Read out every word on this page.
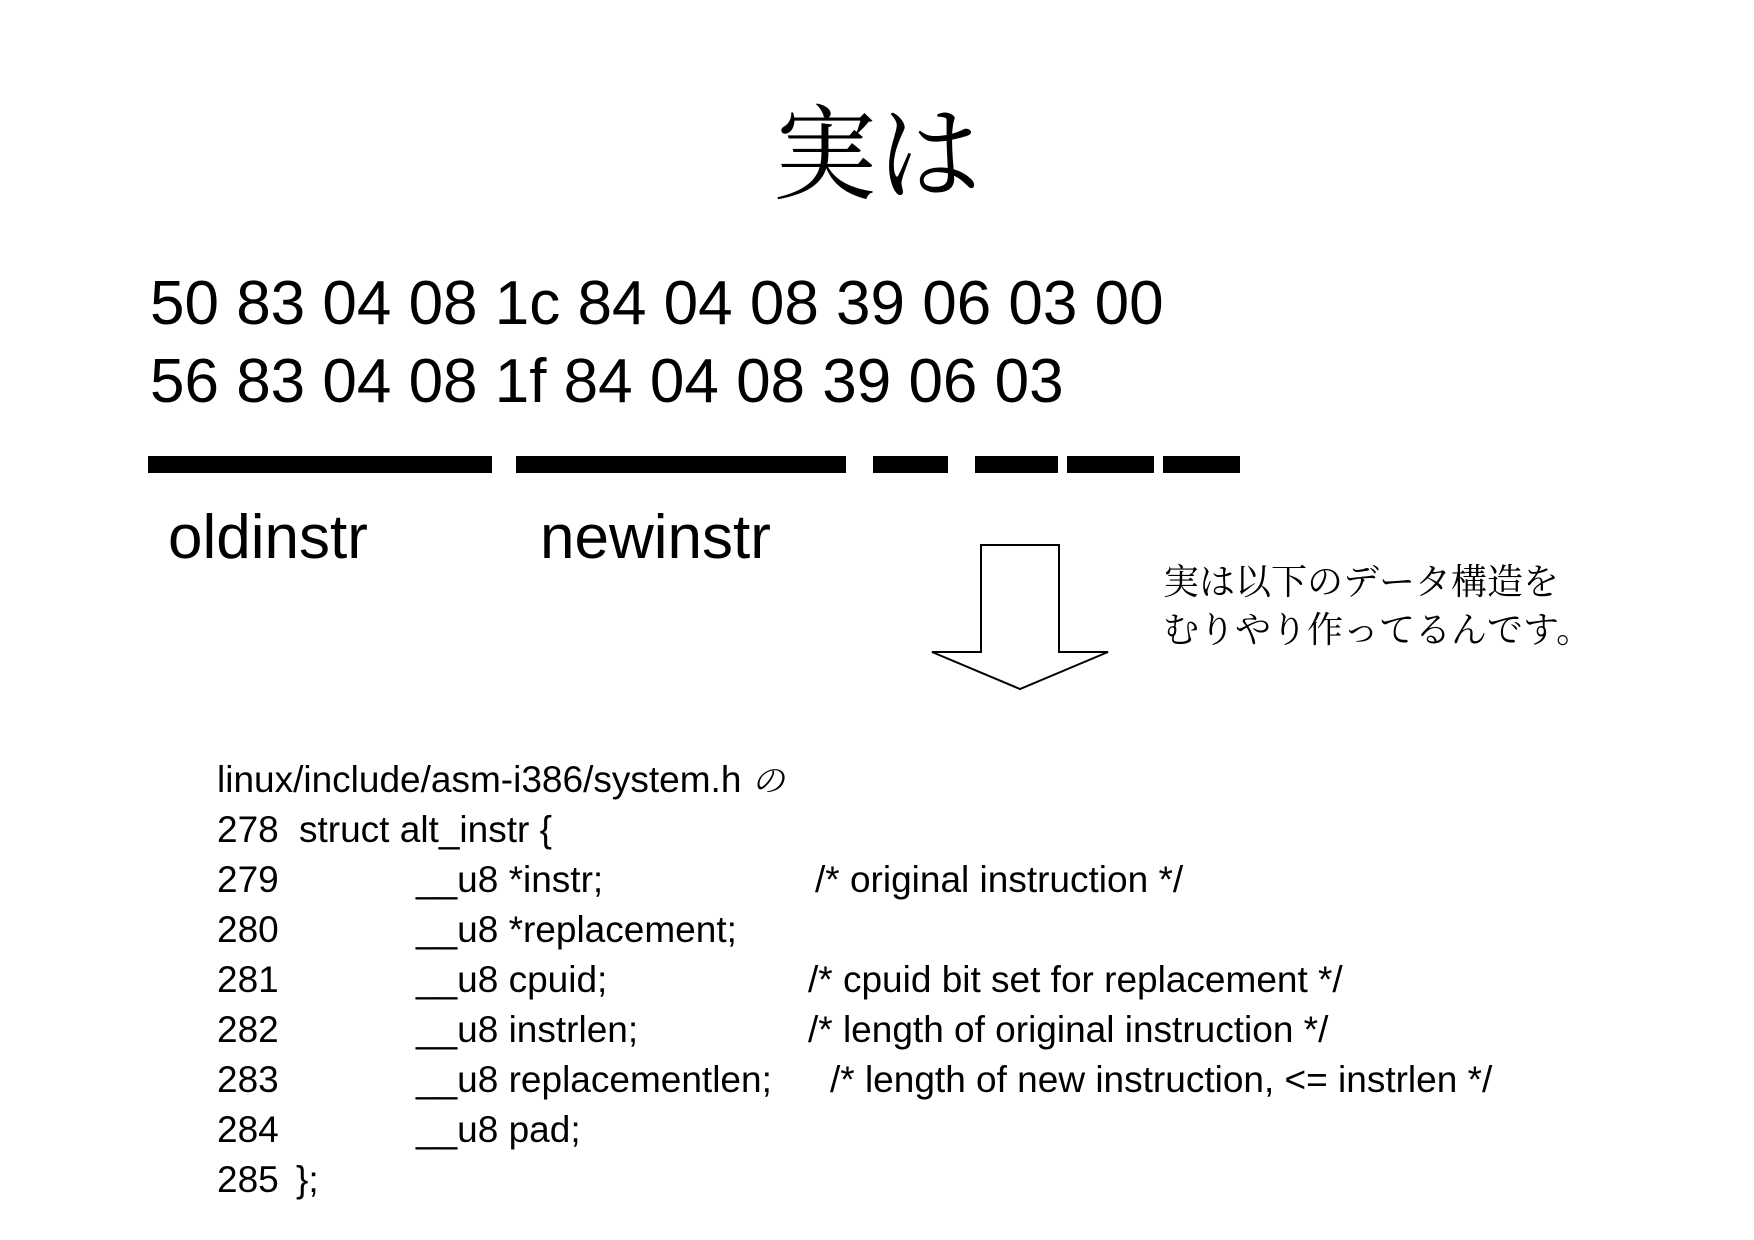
実は
50 83 04 08 1c 84 04 08 39 06 03 00
56 83 04 08 1f 84 04 08 39 06 03
oldinstr	newinstr
実は以下のデータ構造を
むりやり作ってるんです。
linux/include/asm-i386/system.h の
278 struct alt_instr {
279	__u8 *instr;	/* original instruction */
280	__u8 *replacement;
281	__u8 cpuid;	/* cpuid bit set for replacement */
282	__u8 instrlen;	/* length of original instruction */
283	__u8 replacementlen; /* length of new instruction, <= instrlen */
284	__u8 pad;
285 };
